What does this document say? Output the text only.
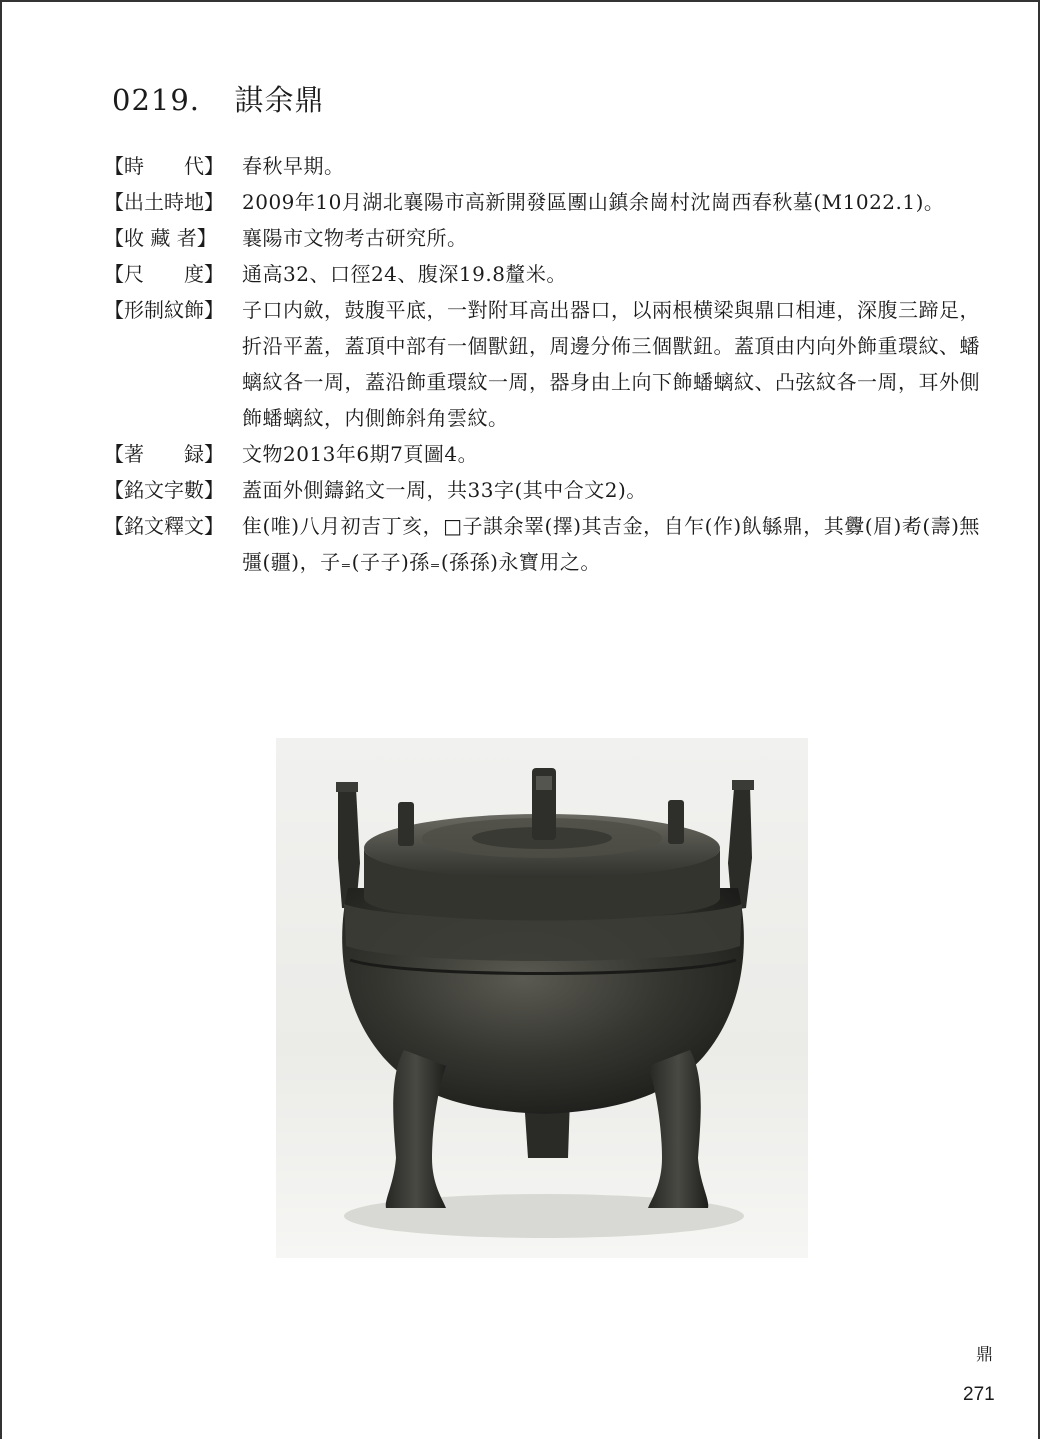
0219. 諆余鼎
【時　　代】 春秋早期。
【出土時地】 2009年10月湖北襄陽市高新開發區團山鎮余崗村沈崗西春秋墓(M1022.1)。
【收 藏 者】	襄陽市文物考古研究所。
【尺　　度】 通高32、口徑24、腹深19.8釐米。
【形制紋飾】 子口内斂，鼓腹平底，一對附耳高出器口，以兩根横梁與鼎口相連，深腹三蹄足，折沿平蓋，蓋頂中部有一個獸鈕，周邊分佈三個獸鈕。蓋頂由内向外飾重環紋、蟠螭紋各一周，蓋沿飾重環紋一周，器身由上向下飾蟠螭紋、凸弦紋各一周，耳外側飾蟠螭紋，内側飾斜角雲紋。
【著　　録】 文物2013年6期7頁圖4。
【銘文字數】 蓋面外側鑄銘文一周，共33字(其中合文2)。
【銘文釋文】 隹(唯)八月初吉丁亥，□子諆余睪(擇)其吉金，自乍(作)飤緐鼎，其釁(眉)耇(壽)無彊(疆)，子₌(子子)孫₌(孫孫)永寶用之。
鼎
271
